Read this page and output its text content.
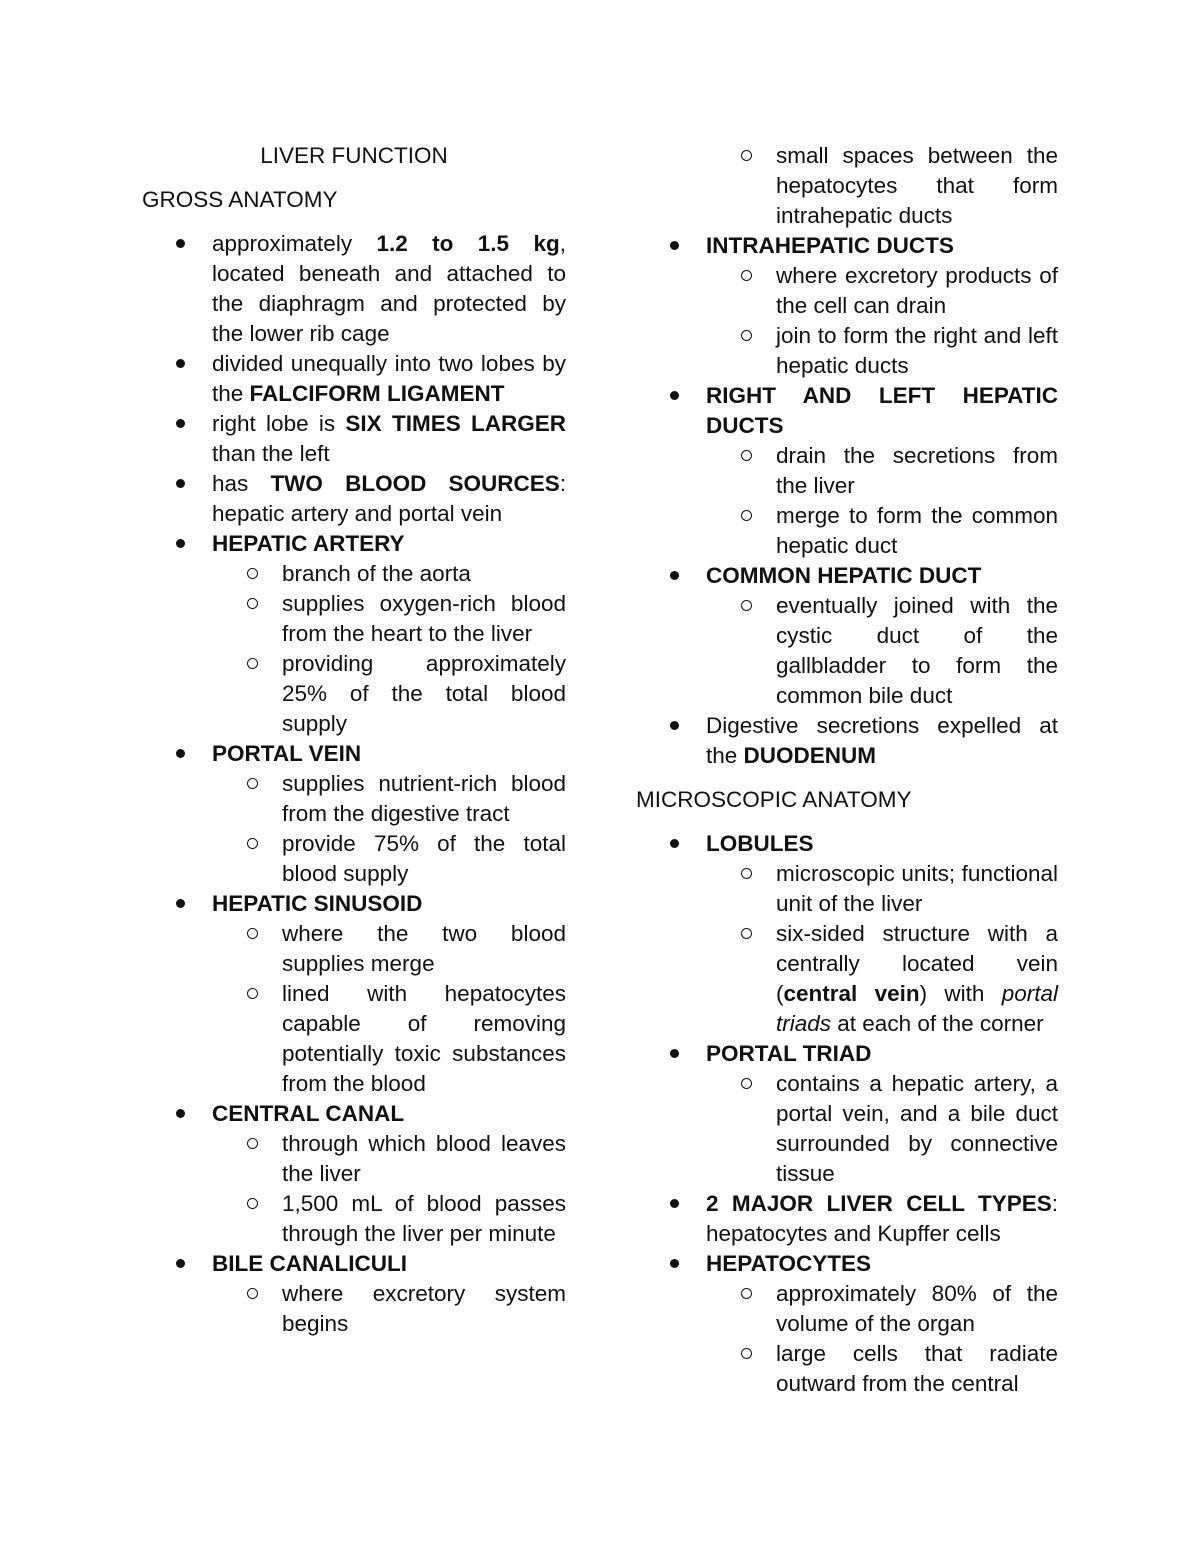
LIVER FUNCTION
GROSS ANATOMY
approximately 1.2 to 1.5 kg, located beneath and attached to the diaphragm and protected by the lower rib cage
divided unequally into two lobes by the FALCIFORM LIGAMENT
right lobe is SIX TIMES LARGER than the left
has TWO BLOOD SOURCES: hepatic artery and portal vein
HEPATIC ARTERY
branch of the aorta
supplies oxygen-rich blood from the heart to the liver
providing approximately 25% of the total blood supply
PORTAL VEIN
supplies nutrient-rich blood from the digestive tract
provide 75% of the total blood supply
HEPATIC SINUSOID
where the two blood supplies merge
lined with hepatocytes capable of removing potentially toxic substances from the blood
CENTRAL CANAL
through which blood leaves the liver
1,500 mL of blood passes through the liver per minute
BILE CANALICULI
where excretory system begins
small spaces between the hepatocytes that form intrahepatic ducts
INTRAHEPATIC DUCTS
where excretory products of the cell can drain
join to form the right and left hepatic ducts
RIGHT AND LEFT HEPATIC DUCTS
drain the secretions from the liver
merge to form the common hepatic duct
COMMON HEPATIC DUCT
eventually joined with the cystic duct of the gallbladder to form the common bile duct
Digestive secretions expelled at the DUODENUM
MICROSCOPIC ANATOMY
LOBULES
microscopic units; functional unit of the liver
six-sided structure with a centrally located vein (central vein) with portal triads at each of the corner
PORTAL TRIAD
contains a hepatic artery, a portal vein, and a bile duct surrounded by connective tissue
2 MAJOR LIVER CELL TYPES: hepatocytes and Kupffer cells
HEPATOCYTES
approximately 80% of the volume of the organ
large cells that radiate outward from the central
